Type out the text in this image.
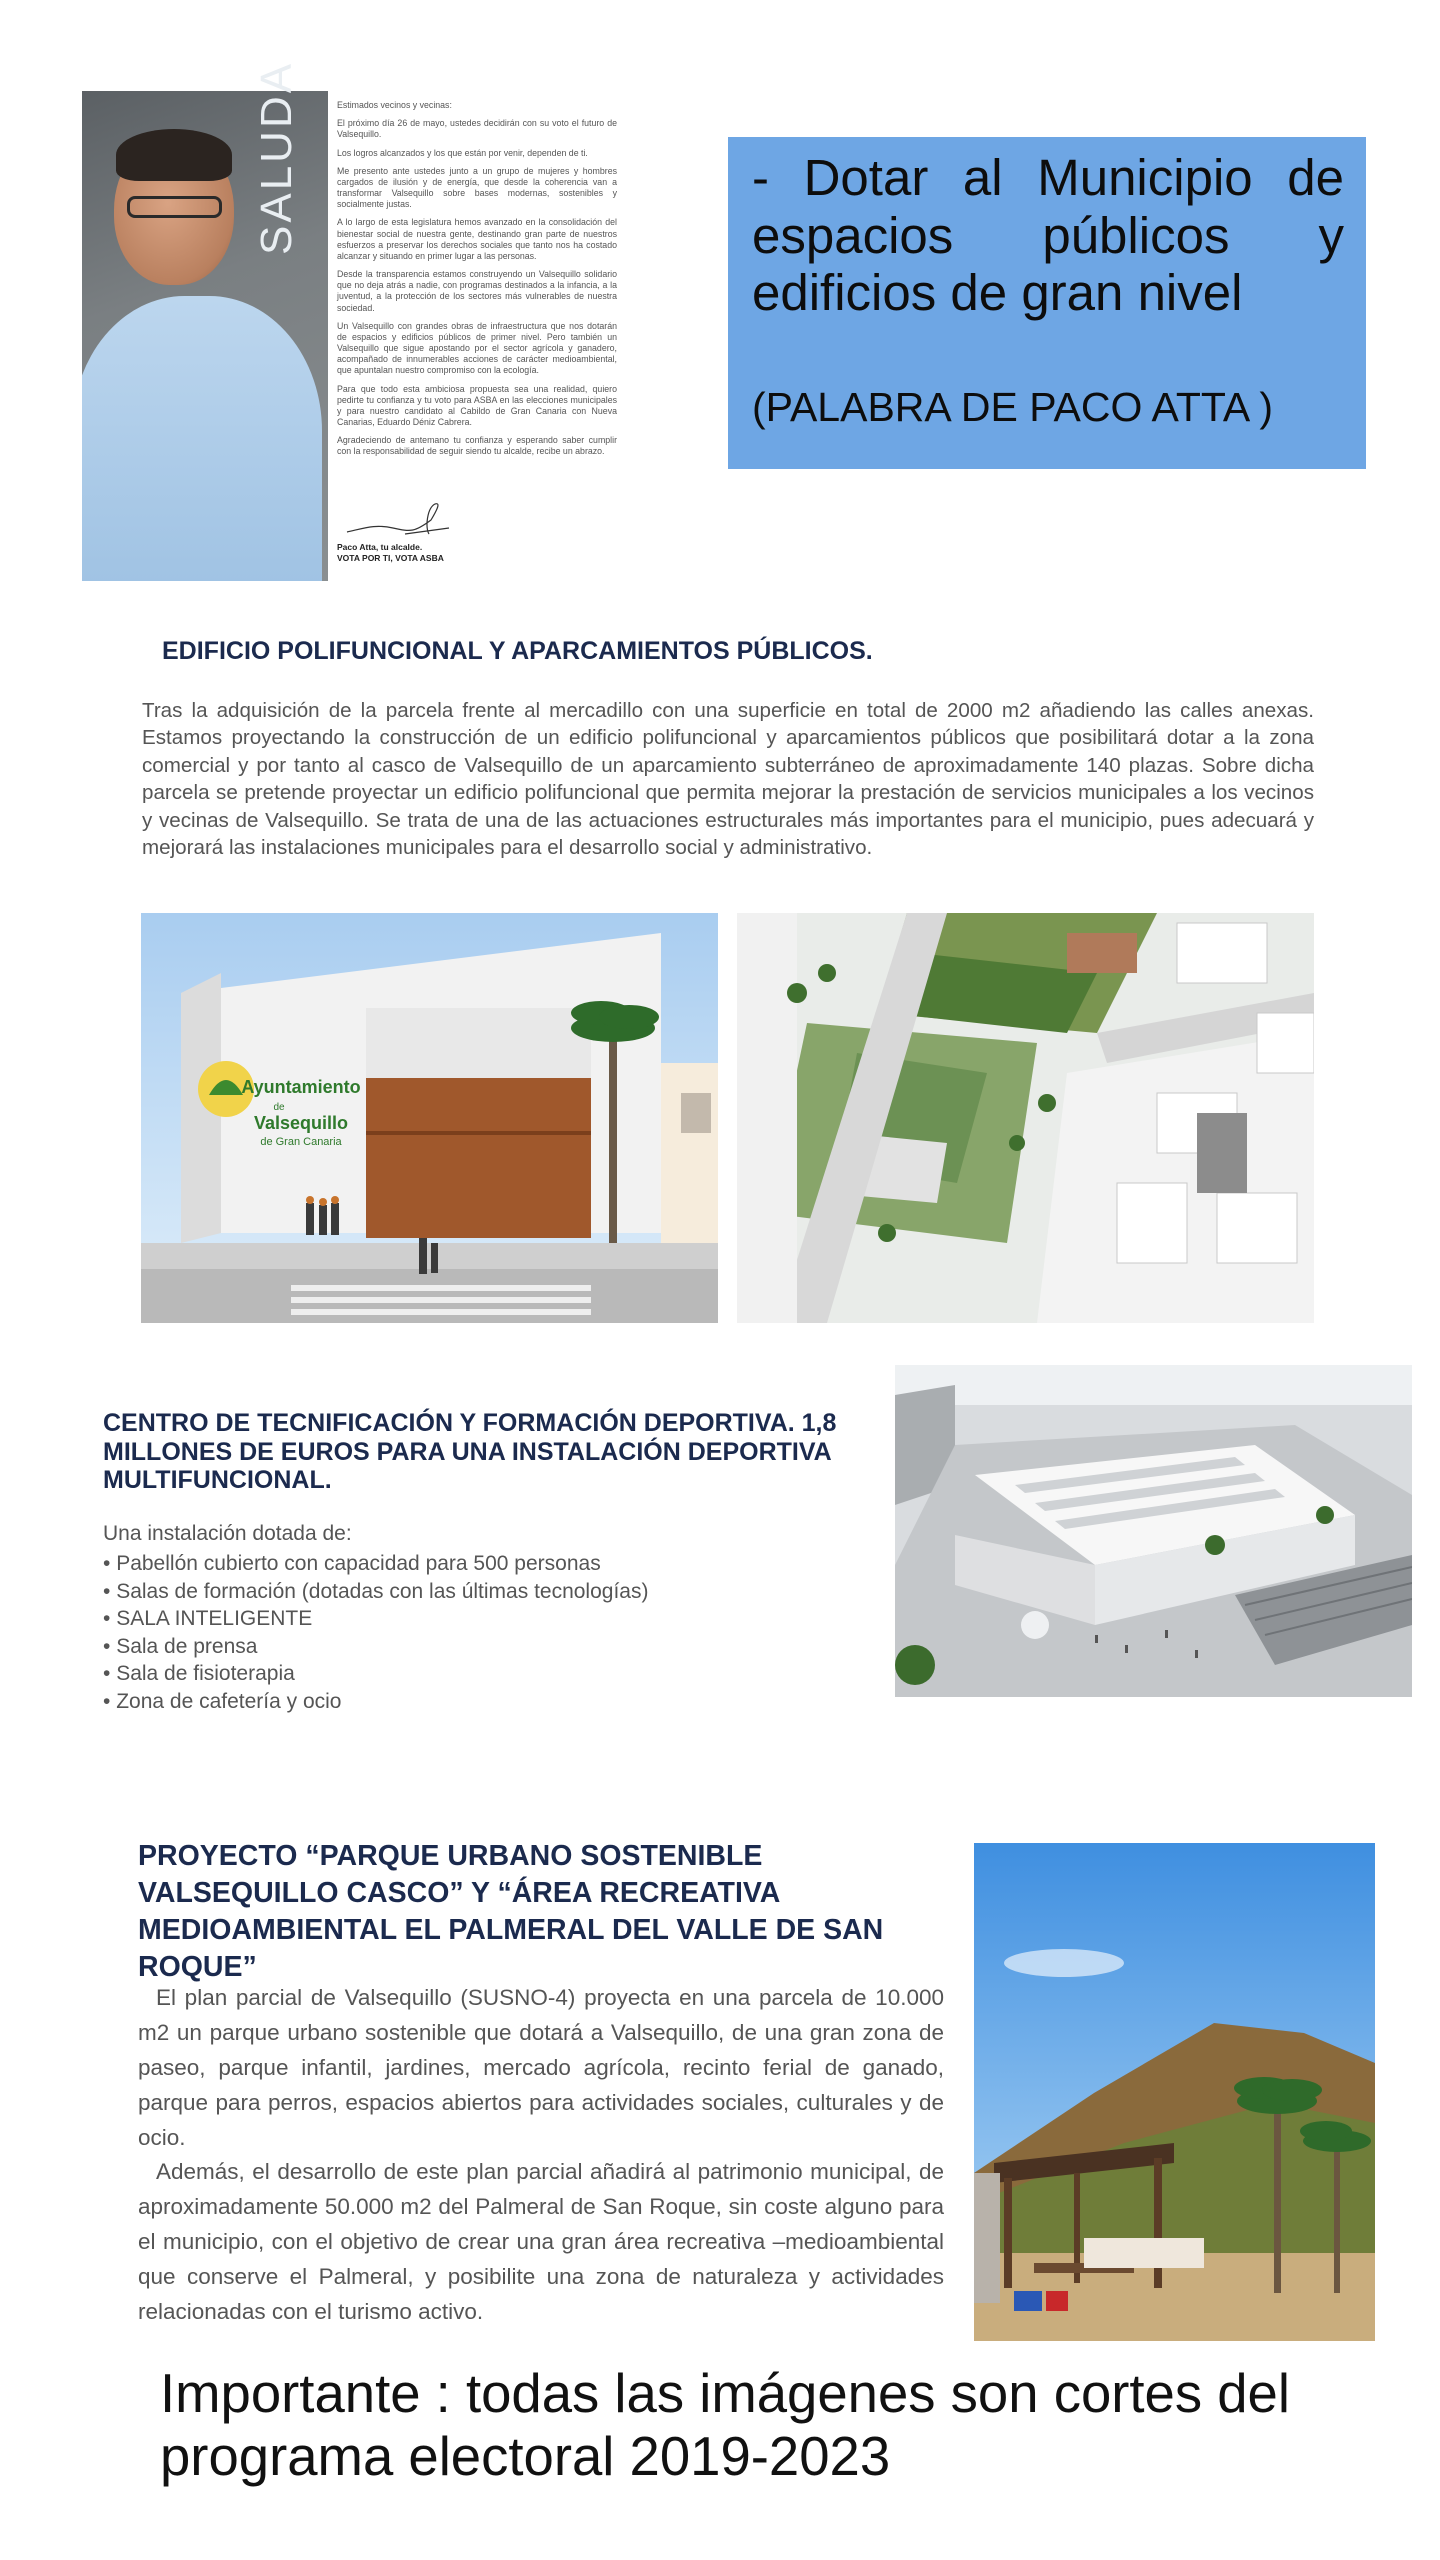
SALUDA	Estimados vecinos y vecinas:

El próximo día 26 de mayo, ustedes decidirán con su voto el futuro de Valsequillo.

Los logros alcanzados y los que están por venir, dependen de ti.

Me presento ante ustedes junto a un grupo de mujeres y hombres cargados de ilusión y de energía, que desde la coherencia van a transformar Valsequillo sobre bases modernas, sostenibles y socialmente justas.

A lo largo de esta legislatura hemos avanzado en la consolidación del bienestar social de nuestra gente, destinando gran parte de nuestros esfuerzos a preservar los derechos sociales que tanto nos ha costado alcanzar y situando en primer lugar a las personas.

Desde la transparencia estamos construyendo un Valsequillo solidario que no deja atrás a nadie, con programas destinados a la infancia, a la juventud, a la protección de los sectores más vulnerables de nuestra sociedad.

Un Valsequillo con grandes obras de infraestructura que nos dotarán de espacios y edificios públicos de primer nivel. Pero también un Valsequillo que sigue apostando por el sector agrícola y ganadero, acompañado de innumerables acciones de carácter medioambiental, que apuntalan nuestro compromiso con la ecología.

Para que todo esta ambiciosa propuesta sea una realidad, quiero pedirte tu confianza y tu voto para ASBA en las elecciones municipales y para nuestro candidato al Cabildo de Gran Canaria con Nueva Canarias, Eduardo Déniz Cabrera.

Agradeciendo de antemano tu confianza y esperando saber cumplir con la responsabilidad de seguir siendo tu alcalde, recibe un abrazo.

Paco Atta, tu alcalde.
VOTA POR TI, VOTA ASBA
- Dotar al Municipio de espacios públicos y edificios de gran nivel
(PALABRA DE PACO ATTA )
EDIFICIO POLIFUNCIONAL Y APARCAMIENTOS PÚBLICOS.
Tras la adquisición de la parcela frente al mercadillo con una superficie en total de 2000 m2 añadiendo las calles anexas. Estamos proyectando la construcción de un edificio polifuncional y aparcamientos públicos que posibilitará dotar a la zona comercial y por tanto al casco de Valsequillo de un aparcamiento subterráneo de aproximadamente 140 plazas. Sobre dicha parcela se pretende proyectar un edificio polifuncional que permita mejorar la prestación de servicios municipales a los vecinos y vecinas de Valsequillo. Se trata de una de las actuaciones estructurales más importantes para el municipio, pues adecuará y mejorará las instalaciones municipales para el desarrollo social y administrativo.
Ayuntamiento
de
Valsequillo
de Gran Canaria
CENTRO DE TECNIFICACIÓN Y FORMACIÓN DEPORTIVA. 1,8 MILLONES DE EUROS PARA UNA INSTALACIÓN DEPORTIVA MULTIFUNCIONAL.
Una instalación dotada de:
• Pabellón cubierto con capacidad para 500 personas
• Salas de formación (dotadas con las últimas tecnologías)
• SALA INTELIGENTE
• Sala de prensa
• Sala de fisioterapia
• Zona de cafetería y ocio
PROYECTO “PARQUE URBANO SOSTENIBLE VALSEQUILLO CASCO” Y “ÁREA RECREATIVA MEDIOAMBIENTAL EL PALMERAL DEL VALLE DE SAN ROQUE”

El plan parcial de Valsequillo (SUSNO-4) proyecta en una parcela de 10.000 m2 un parque urbano sostenible que dotará a Valsequillo, de una gran zona de paseo, parque infantil, jardines, mercado agrícola, recinto ferial de ganado, parque para perros, espacios abiertos para actividades sociales, culturales y de ocio.

Además, el desarrollo de este plan parcial añadirá al patrimonio municipal, de aproximadamente 50.000 m2 del Palmeral de San Roque, sin coste alguno para el municipio, con el objetivo de crear una gran área recreativa –medioambiental que conserve el Palmeral, y posibilite una zona de naturaleza y actividades relacionadas con el turismo activo.

Importante : todas las imágenes son cortes del programa electoral 2019-2023
